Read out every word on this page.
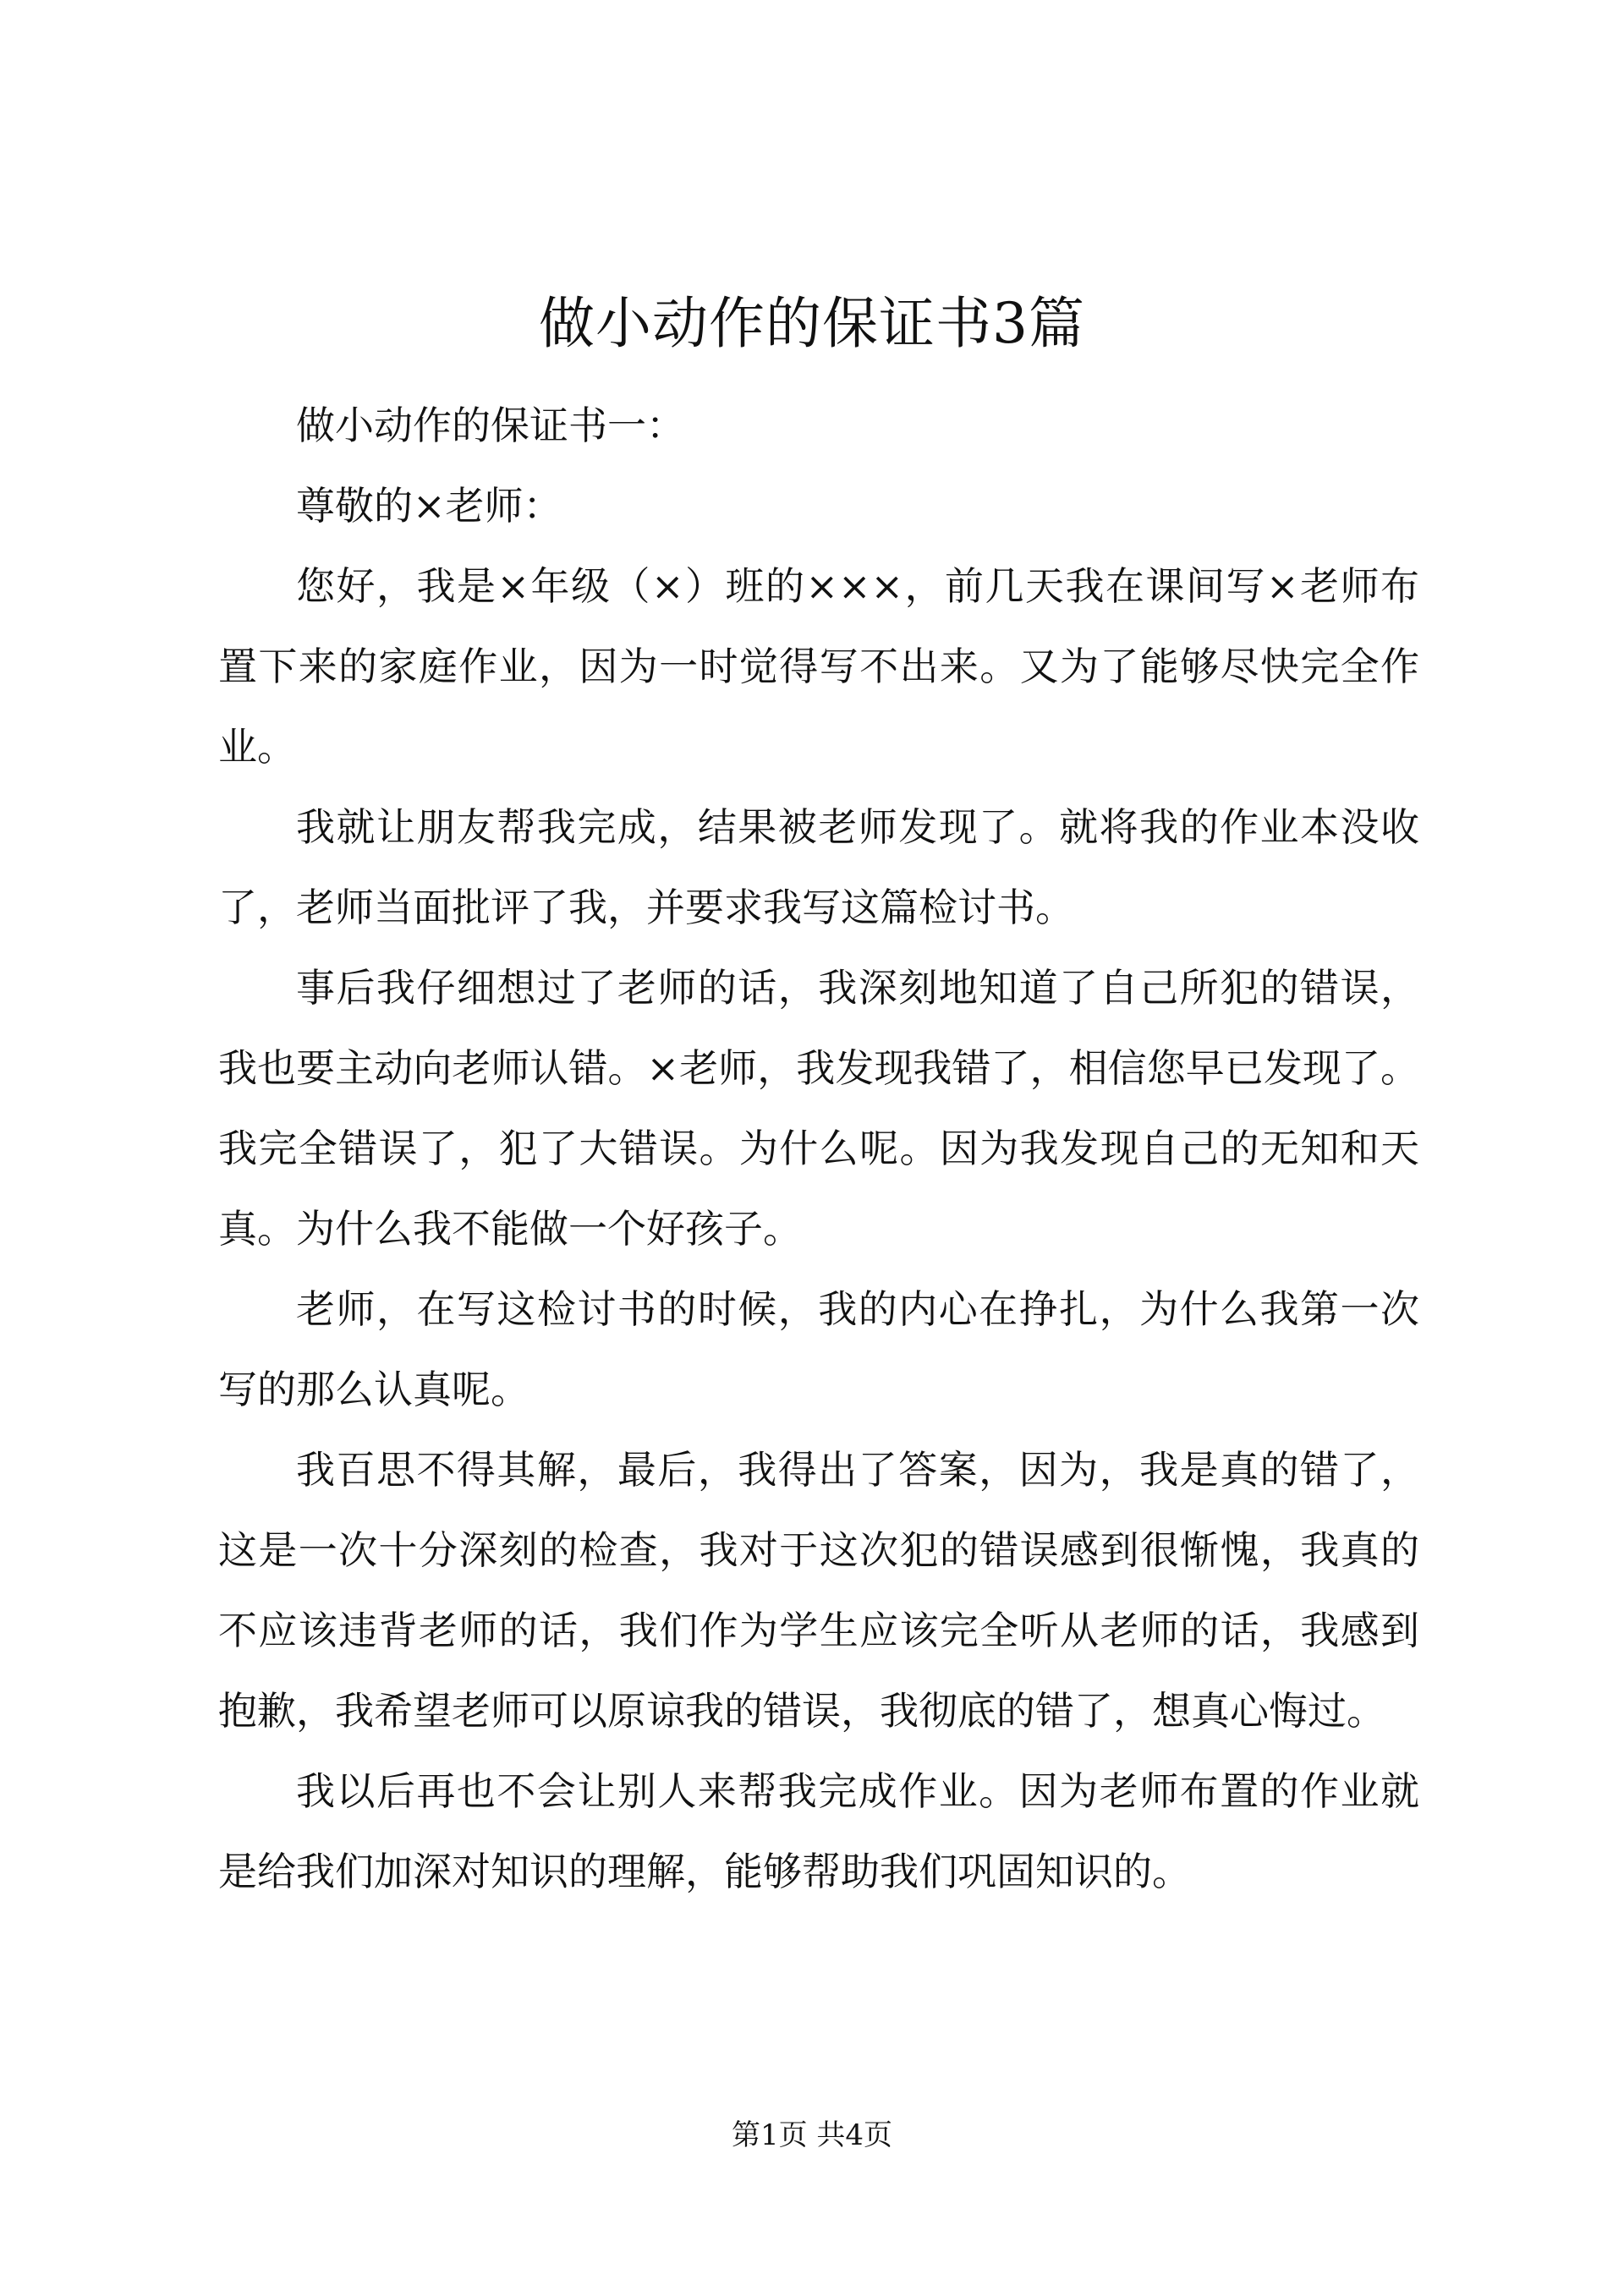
做小动作的保证书3篇

做小动作的保证书一：

尊敬的×老师：

您好，我是×年级（×）班的×××，前几天我在课间写×老师布置下来的家庭作业，因为一时觉得写不出来。又为了能够尽快完全作业。

我就让朋友帮我完成，结果被老师发现了。就将我的作业本没收了，老师当面批评了我，并要求我写这篇检讨书。

事后我仔细想过了老师的话，我深刻地知道了自己所犯的错误，我也要主动向老师认错。×老师，我发现我错了，相信您早已发现了。我完全错误了，犯了大错误。为什么呢。因为我发现自己的无知和天真。为什么我不能做一个好孩子。

老师，在写这检讨书的时候，我的内心在挣扎，为什么我第一次写的那么认真呢。

我百思不得其解，最后，我得出了答案，因为，我是真的错了，这是一次十分深刻的检查，我对于这次犯的错误感到很惭愧，我真的不应该违背老师的话，我们作为学生应该完全听从老师的话，我感到抱歉，我希望老师可以原谅我的错误，我彻底的错了，想真心悔过。

我以后再也不会让别人来帮我完成作业。因为老师布置的作业就是给我们加深对知识的理解，能够帮助我们巩固知识的。

第1页 共4页
